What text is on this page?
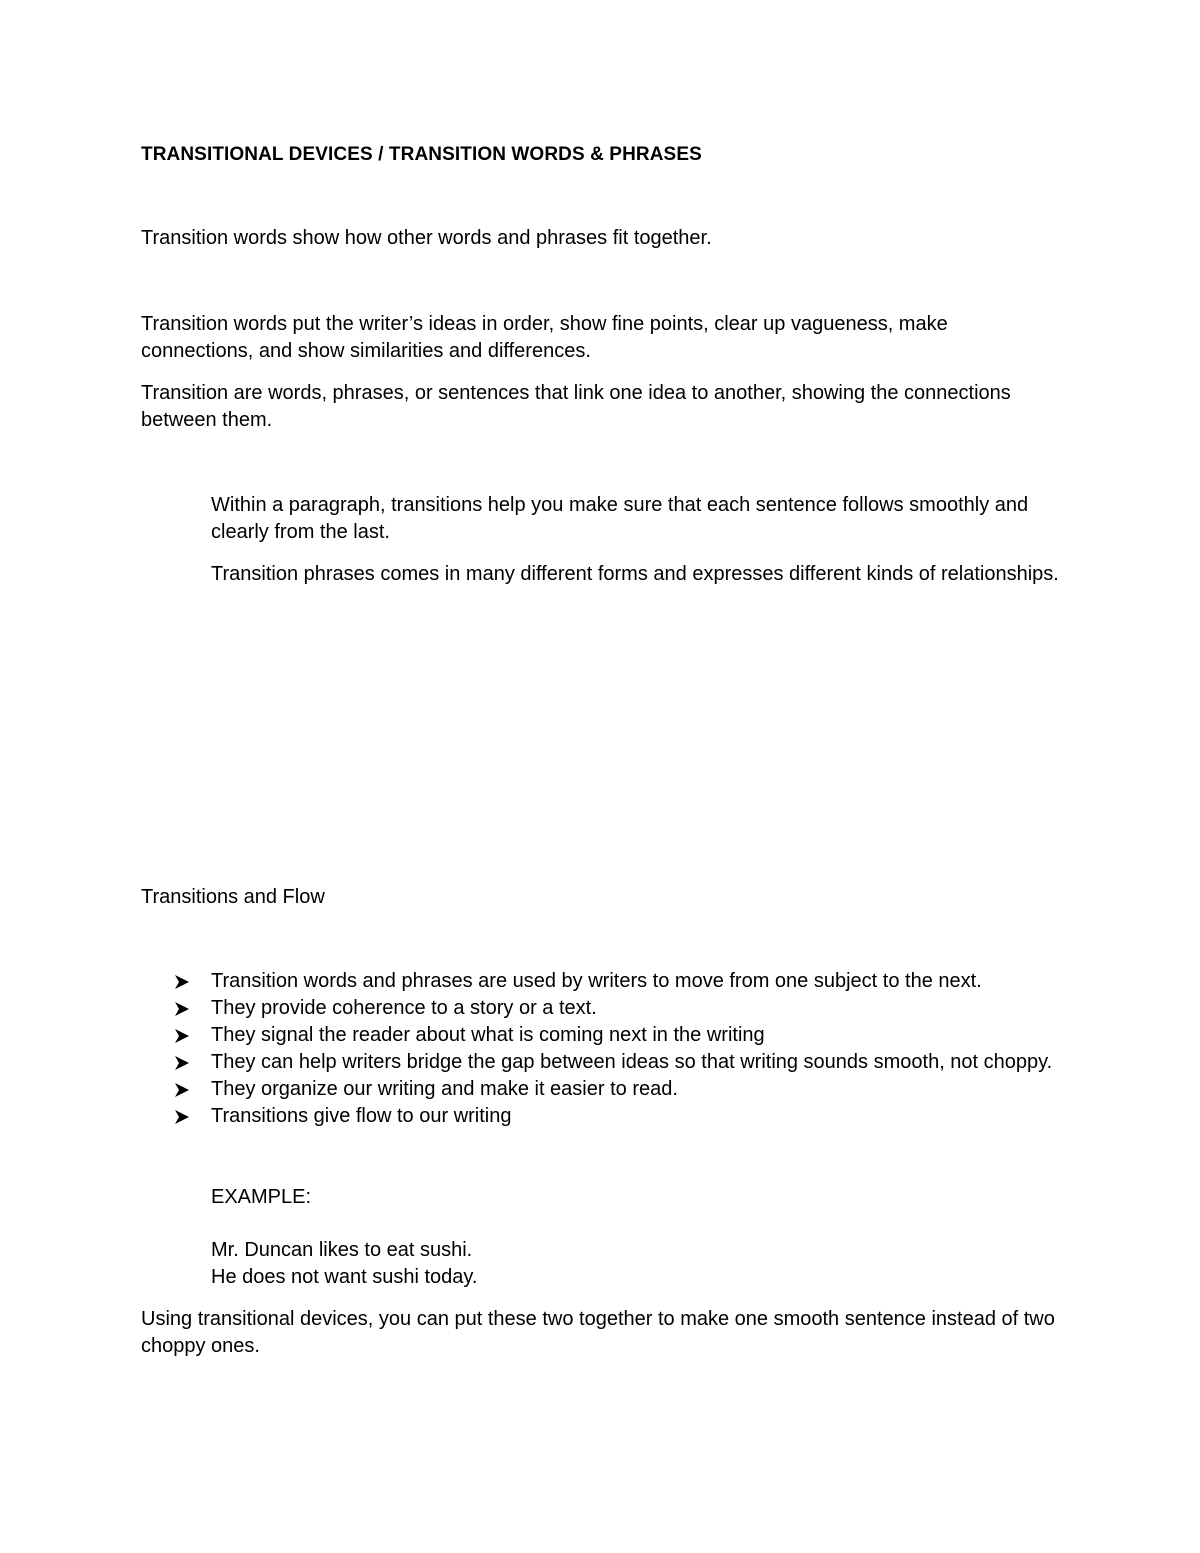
TRANSITIONAL DEVICES / TRANSITION WORDS & PHRASES

Transition words show how other words and phrases fit together.

Transition words put the writer’s ideas in order, show fine points, clear up vagueness, make connections, and show similarities and differences.

Transition are words, phrases, or sentences that link one idea to another, showing the connections between them.

Within a paragraph, transitions help you make sure that each sentence follows smoothly and clearly from the last.

Transition phrases comes in many different forms and expresses different kinds of relationships.

Transitions and Flow

Transition words and phrases are used by writers to move from one subject to the next.
They provide coherence to a story or a text.
They signal the reader about what is coming next in the writing
They can help writers bridge the gap between ideas so that writing sounds smooth, not choppy.
They organize our writing and make it easier to read.
Transitions give flow to our writing

EXAMPLE:

Mr. Duncan likes to eat sushi.

He does not want sushi today.

Using transitional devices, you can put these two together to make one smooth sentence instead of two choppy ones.
